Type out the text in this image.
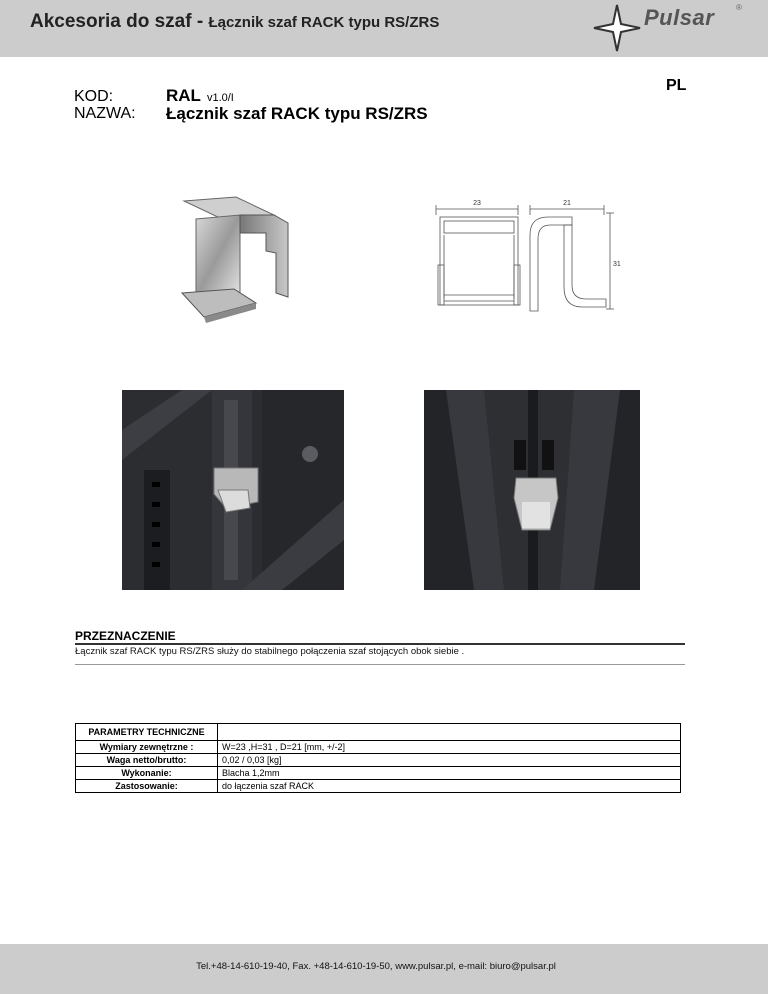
Akcesoria do szaf - Łącznik szaf RACK typu RS/ZRS	Pulsar	®
PL
KOD:	RAL v1.0/I
NAZWA: Łącznik szaf RACK typu RS/ZRS
23	21
31
PRZEZNACZENIE
Łącznik szaf RACK typu RS/ZRS służy do stabilnego połączenia szaf stojących obok siebie .
PARAMETRY TECHNICZNE	
Wymiary zewnętrzne :	W=23 ,H=31 , D=21 [mm, +/-2]
Waga netto/brutto:	0,02 / 0,03 [kg]
Wykonanie:	Blacha 1,2mm
Zastosowanie:	do łączenia szaf RACK
Tel.+48-14-610-19-40, Fax. +48-14-610-19-50, www.pulsar.pl, e-mail: biuro@pulsar.pl
